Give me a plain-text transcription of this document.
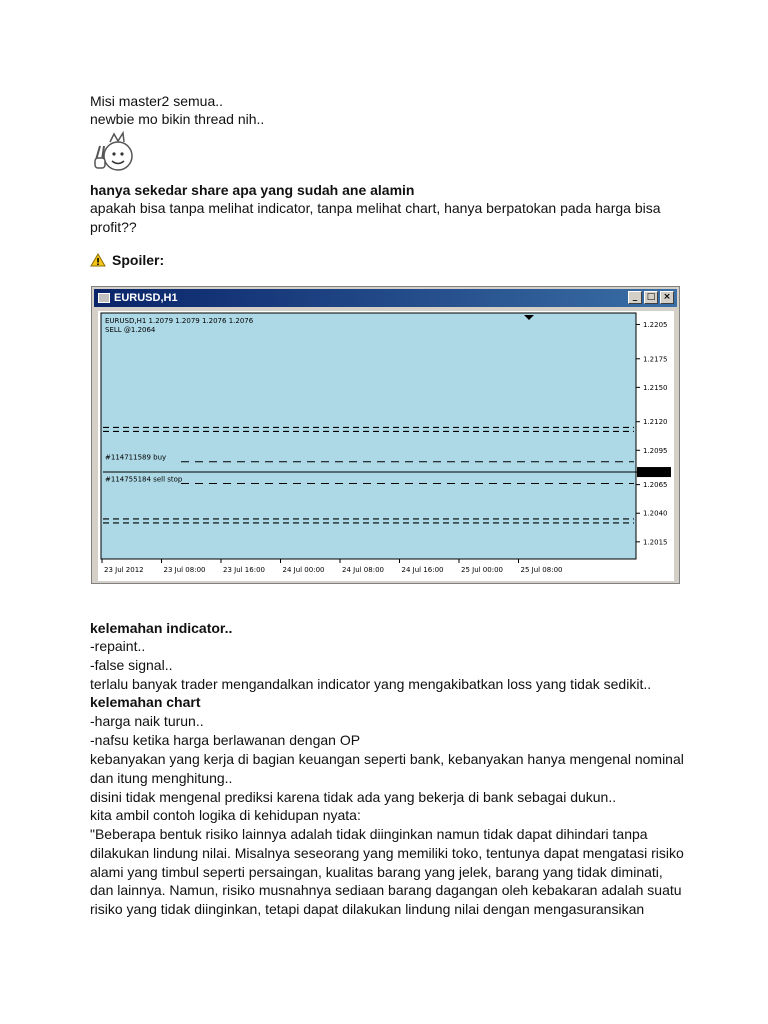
Misi master2 semua..
newbie mo bikin thread nih..
hanya sekedar share apa yang sudah ane alamin
apakah bisa tanpa melihat indicator, tanpa melihat chart, hanya berpatokan pada harga bisa
profit??
Spoiler:
EURUSD,H1	_	□ ×
EURUSD,H1 1.2079 1.2079 1.2076 1.2076
SELL @1.2064
#114711589 buy
#114755184 sell stop
1.2205
1.2175
1.2150
1.2120
1.2095
1.2076
1.2065
1.2040
1.2015
23 Jul 2012	23 Jul 08:00	23 Jul 16:00	24 Jul 00:00	24 Jul 08:00	24 Jul 16:00	25 Jul 00:00	25 Jul 08:00
kelemahan indicator..
-repaint..
-false signal..
terlalu banyak trader mengandalkan indicator yang mengakibatkan loss yang tidak sedikit..
kelemahan chart
-harga naik turun..
-nafsu ketika harga berlawanan dengan OP
kebanyakan yang kerja di bagian keuangan seperti bank, kebanyakan hanya mengenal nominal
dan itung menghitung..
disini tidak mengenal prediksi karena tidak ada yang bekerja di bank sebagai dukun..
kita ambil contoh logika di kehidupan nyata:
"Beberapa bentuk risiko lainnya adalah tidak diinginkan namun tidak dapat dihindari tanpa
dilakukan lindung nilai. Misalnya seseorang yang memiliki toko, tentunya dapat mengatasi risiko
alami yang timbul seperti persaingan, kualitas barang yang jelek, barang yang tidak diminati,
dan lainnya. Namun, risiko musnahnya sediaan barang dagangan oleh kebakaran adalah suatu
risiko yang tidak diinginkan, tetapi dapat dilakukan lindung nilai dengan mengasuransikan
